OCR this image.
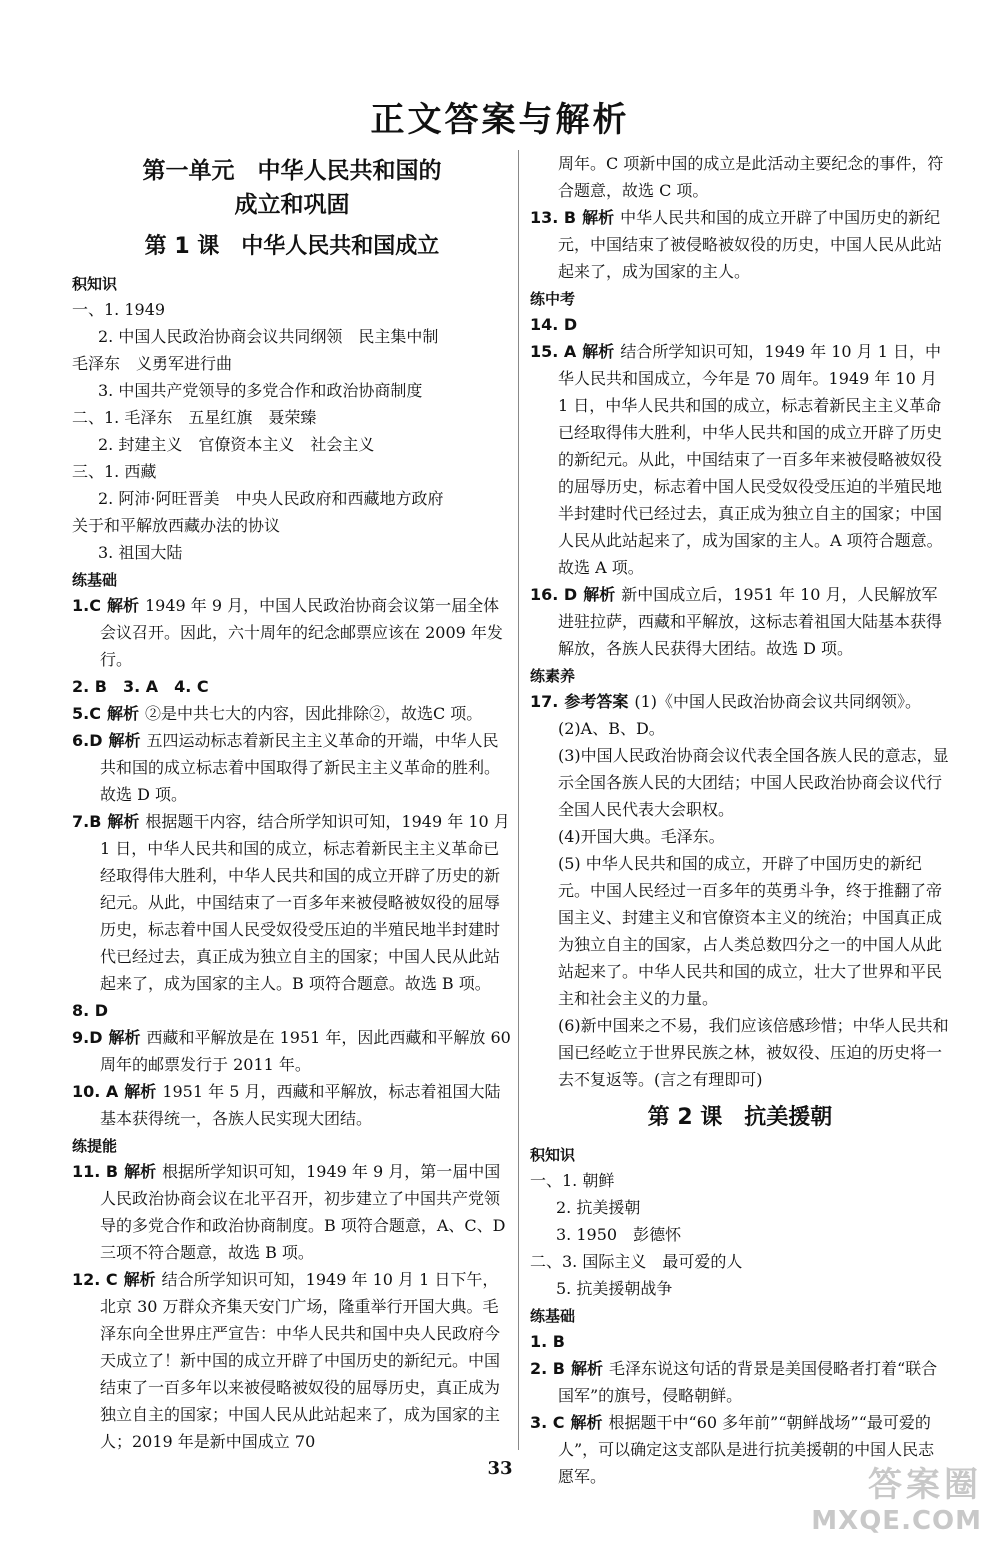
正文答案与解析
第一单元　中华人民共和国的
成立和巩固
第 1 课　中华人民共和国成立
积知识
一、1. 1949
2. 中国人民政治协商会议共同纲领　民主集中制
毛泽东　义勇军进行曲
3. 中国共产党领导的多党合作和政治协商制度
二、1. 毛泽东　五星红旗　聂荣臻
2. 封建主义　官僚资本主义　社会主义
三、1. 西藏
2. 阿沛·阿旺晋美　中央人民政府和西藏地方政府
关于和平解放西藏办法的协议
3. 祖国大陆
练基础
1.C 解析 1949 年 9 月，中国人民政治协商会议第一届全体会议召开。因此，六十周年的纪念邮票应该在 2009 年发行。
2. B　3. A　4. C
5.C 解析 ②是中共七大的内容，因此排除②，故选C 项。
6.D 解析 五四运动标志着新民主主义革命的开端，中华人民共和国的成立标志着中国取得了新民主主义革命的胜利。故选 D 项。
7.B 解析 根据题干内容，结合所学知识可知，1949 年 10 月 1 日，中华人民共和国的成立，标志着新民主主义革命已经取得伟大胜利，中华人民共和国的成立开辟了历史的新纪元。从此，中国结束了一百多年来被侵略被奴役的屈辱历史，标志着中国人民受奴役受压迫的半殖民地半封建时代已经过去，真正成为独立自主的国家；中国人民从此站起来了，成为国家的主人。B 项符合题意。故选 B 项。
8. D
9.D 解析 西藏和平解放是在 1951 年，因此西藏和平解放 60 周年的邮票发行于 2011 年。
10. A 解析 1951 年 5 月，西藏和平解放，标志着祖国大陆基本获得统一，各族人民实现大团结。
练提能
11. B 解析 根据所学知识可知，1949 年 9 月，第一届中国人民政治协商会议在北平召开，初步建立了中国共产党领导的多党合作和政治协商制度。B 项符合题意，A、C、D 三项不符合题意，故选 B 项。
12. C 解析 结合所学知识可知，1949 年 10 月 1 日下午，北京 30 万群众齐集天安门广场，隆重举行开国大典。毛泽东向全世界庄严宣告：中华人民共和国中央人民政府今天成立了！新中国的成立开辟了中国历史的新纪元。中国结束了一百多年以来被侵略被奴役的屈辱历史，真正成为独立自主的国家；中国人民从此站起来了，成为国家的主人；2019 年是新中国成立 70
周年。C 项新中国的成立是此活动主要纪念的事件，符合题意，故选 C 项。
13. B 解析 中华人民共和国的成立开辟了中国历史的新纪元，中国结束了被侵略被奴役的历史，中国人民从此站起来了，成为国家的主人。
练中考
14. D
15. A 解析 结合所学知识可知，1949 年 10 月 1 日，中华人民共和国成立，今年是 70 周年。1949 年 10 月 1 日，中华人民共和国的成立，标志着新民主主义革命已经取得伟大胜利，中华人民共和国的成立开辟了历史的新纪元。从此，中国结束了一百多年来被侵略被奴役的屈辱历史，标志着中国人民受奴役受压迫的半殖民地半封建时代已经过去，真正成为独立自主的国家；中国人民从此站起来了，成为国家的主人。A 项符合题意。故选 A 项。
16. D 解析 新中国成立后，1951 年 10 月，人民解放军进驻拉萨，西藏和平解放，这标志着祖国大陆基本获得解放，各族人民获得大团结。故选 D 项。
练素养
17. 参考答案 (1)《中国人民政治协商会议共同纲领》。
(2)A、B、D。
(3)中国人民政治协商会议代表全国各族人民的意志，显示全国各族人民的大团结；中国人民政治协商会议代行全国人民代表大会职权。
(4)开国大典。毛泽东。
(5) 中华人民共和国的成立，开辟了中国历史的新纪元。中国人民经过一百多年的英勇斗争，终于推翻了帝国主义、封建主义和官僚资本主义的统治；中国真正成为独立自主的国家，占人类总数四分之一的中国人从此站起来了。中华人民共和国的成立，壮大了世界和平民主和社会主义的力量。
(6)新中国来之不易，我们应该倍感珍惜；中华人民共和国已经屹立于世界民族之林，被奴役、压迫的历史将一去不复返等。(言之有理即可)
第 2 课　抗美援朝
积知识
一、1. 朝鲜
2. 抗美援朝
3. 1950　彭德怀
二、3. 国际主义　最可爱的人
5. 抗美援朝战争
练基础
1. B
2. B 解析 毛泽东说这句话的背景是美国侵略者打着“联合国军”的旗号，侵略朝鲜。
3. C 解析 根据题干中“60 多年前”“朝鲜战场”“最可爱的人”，可以确定这支部队是进行抗美援朝的中国人民志愿军。
33	答案圈
MXQE.COM
